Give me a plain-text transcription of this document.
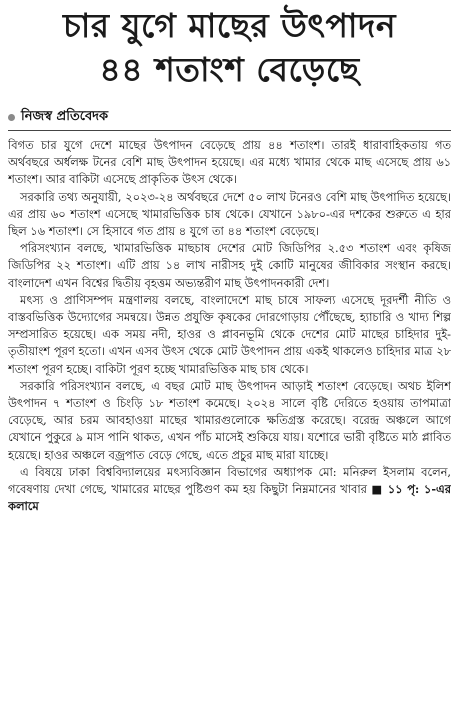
চার যুগে মাছের উৎপাদন
৪৪ শতাংশ বেড়েছে
নিজস্ব প্রতিবেদক

বিগত চার যুগে দেশে মাছের উৎপাদন বেড়েছে প্রায় ৪৪ শতাংশ। তারই ধারাবাহিকতায় গত অর্থবছরে অর্ধলক্ষ টনের বেশি মাছ উৎপাদন হয়েছে। এর মধ্যে খামার থেকে মাছ এসেছে প্রায় ৬১ শতাংশ। আর বাকিটা এসেছে প্রাকৃতিক উৎস থেকে।

সরকারি তথ্য অনুযায়ী, ২০২৩-২৪ অর্থবছরে দেশে ৫০ লাখ টনেরও বেশি মাছ উৎপাদিত হয়েছে। এর প্রায় ৬০ শতাংশ এসেছে খামারভিত্তিক চাষ থেকে। যেখানে ১৯৮০-এর দশকের শুরুতে এ হার ছিল ১৬ শতাংশ। সে হিসাবে গত প্রায় ৪ যুগে তা ৪৪ শতাংশ বেড়েছে।

পরিসংখ্যান বলছে, খামারভিত্তিক মাছচাষ দেশের মোট জিডিপির ২.৫৩ শতাংশ এবং কৃষিজ জিডিপির ২২ শতাংশ। এটি প্রায় ১৪ লাখ নারীসহ দুই কোটি মানুষের জীবিকার সংস্থান করছে। বাংলাদেশ এখন বিশ্বের দ্বিতীয় বৃহত্তম অভ্যন্তরীণ মাছ উৎপাদনকারী দেশ।

মৎস্য ও প্রাণিসম্পদ মন্ত্রণালয় বলছে, বাংলাদেশে মাছ চাষে সাফল্য এসেছে দূরদর্শী নীতি ও বাস্তবভিত্তিক উদ্যোগের সমন্বয়ে। উন্নত প্রযুক্তি কৃষকের দোরগোড়ায় পৌঁছেছে, হ্যাচারি ও খাদ্য শিল্প সম্প্রসারিত হয়েছে। এক সময় নদী, হাওর ও প্লাবনভূমি থেকে দেশের মোট মাছের চাহিদার দুই-তৃতীয়াংশ পূরণ হতো। এখন এসব উৎস থেকে মোট উৎপাদন প্রায় একই থাকলেও চাহিদার মাত্র ২৮ শতাংশ পূরণ হচ্ছে। বাকিটা পূরণ হচ্ছে খামারভিত্তিক মাছ চাষ থেকে।

সরকারি পরিসংখ্যান বলছে, এ বছর মোট মাছ উৎপাদন আড়াই শতাংশ বেড়েছে। অথচ ইলিশ উৎপাদন ৭ শতাংশ ও চিংড়ি ১৮ শতাংশ কমেছে। ২০২৪ সালে বৃষ্টি দেরিতে হওয়ায় তাপমাত্রা বেড়েছে, আর চরম আবহাওয়া মাছের খামারগুলোকে ক্ষতিগ্রস্ত করেছে। বরেন্দ্র অঞ্চলে আগে যেখানে পুকুরে ৯ মাস পানি থাকত, এখন পাঁচ মাসেই শুকিয়ে যায়। যশোরে ভারী বৃষ্টিতে মাঠ প্লাবিত হয়েছে। হাওর অঞ্চলে বজ্রপাত বেড়ে গেছে, এতে প্রচুর মাছ মারা যাচ্ছে।

এ বিষয়ে ঢাকা বিশ্ববিদ্যালয়ের মৎস্যবিজ্ঞান বিভাগের অধ্যাপক মো: মনিরুল ইসলাম বলেন, গবেষণায় দেখা গেছে, খামারের মাছের পুষ্টিগুণ কম হয় কিছুটা নিম্নমানের খাবার ■ ১১ পৃ: ১-এর কলামে
